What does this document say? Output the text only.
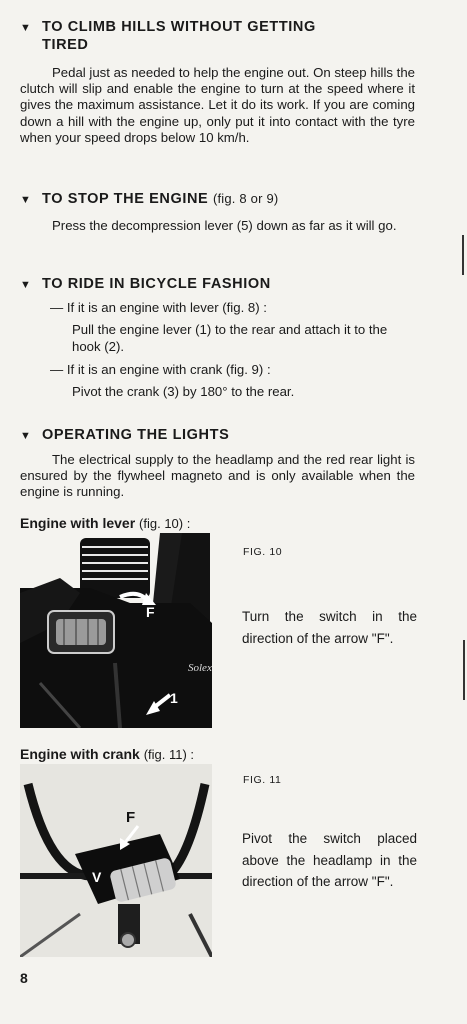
▼ TO CLIMB HILLS WITHOUT GETTING
TIRED

Pedal just as needed to help the engine out. On steep hills the clutch will slip and enable the engine to turn at the speed where it gives the maximum assistance. Let it do its work. If you are coming down a hill with the engine up, only put it into contact with the tyre when your speed drops below 10 km/h.

▼ TO STOP THE ENGINE (fig. 8 or 9)

Press the decompression lever (5) down as far as it will go.

▼ TO RIDE IN BICYCLE FASHION
— If it is an engine with lever (fig. 8) :
Pull the engine lever (1) to the rear and attach it to the hook (2).
— If it is an engine with crank (fig. 9) :
Pivot the crank (3) by 180° to the rear.
▼ OPERATING THE LIGHTS

The electrical supply to the headlamp and the red rear light is ensured by the flywheel magneto and is only available when the engine is running.

Engine with lever (fig. 10) :
F
1
Solex
FIG. 10
Turn the switch in the direction of the arrow "F".
Engine with crank (fig. 11) :
F
V
FIG. 11
Pivot the switch placed above the headlamp in the direction of the arrow "F".
8
